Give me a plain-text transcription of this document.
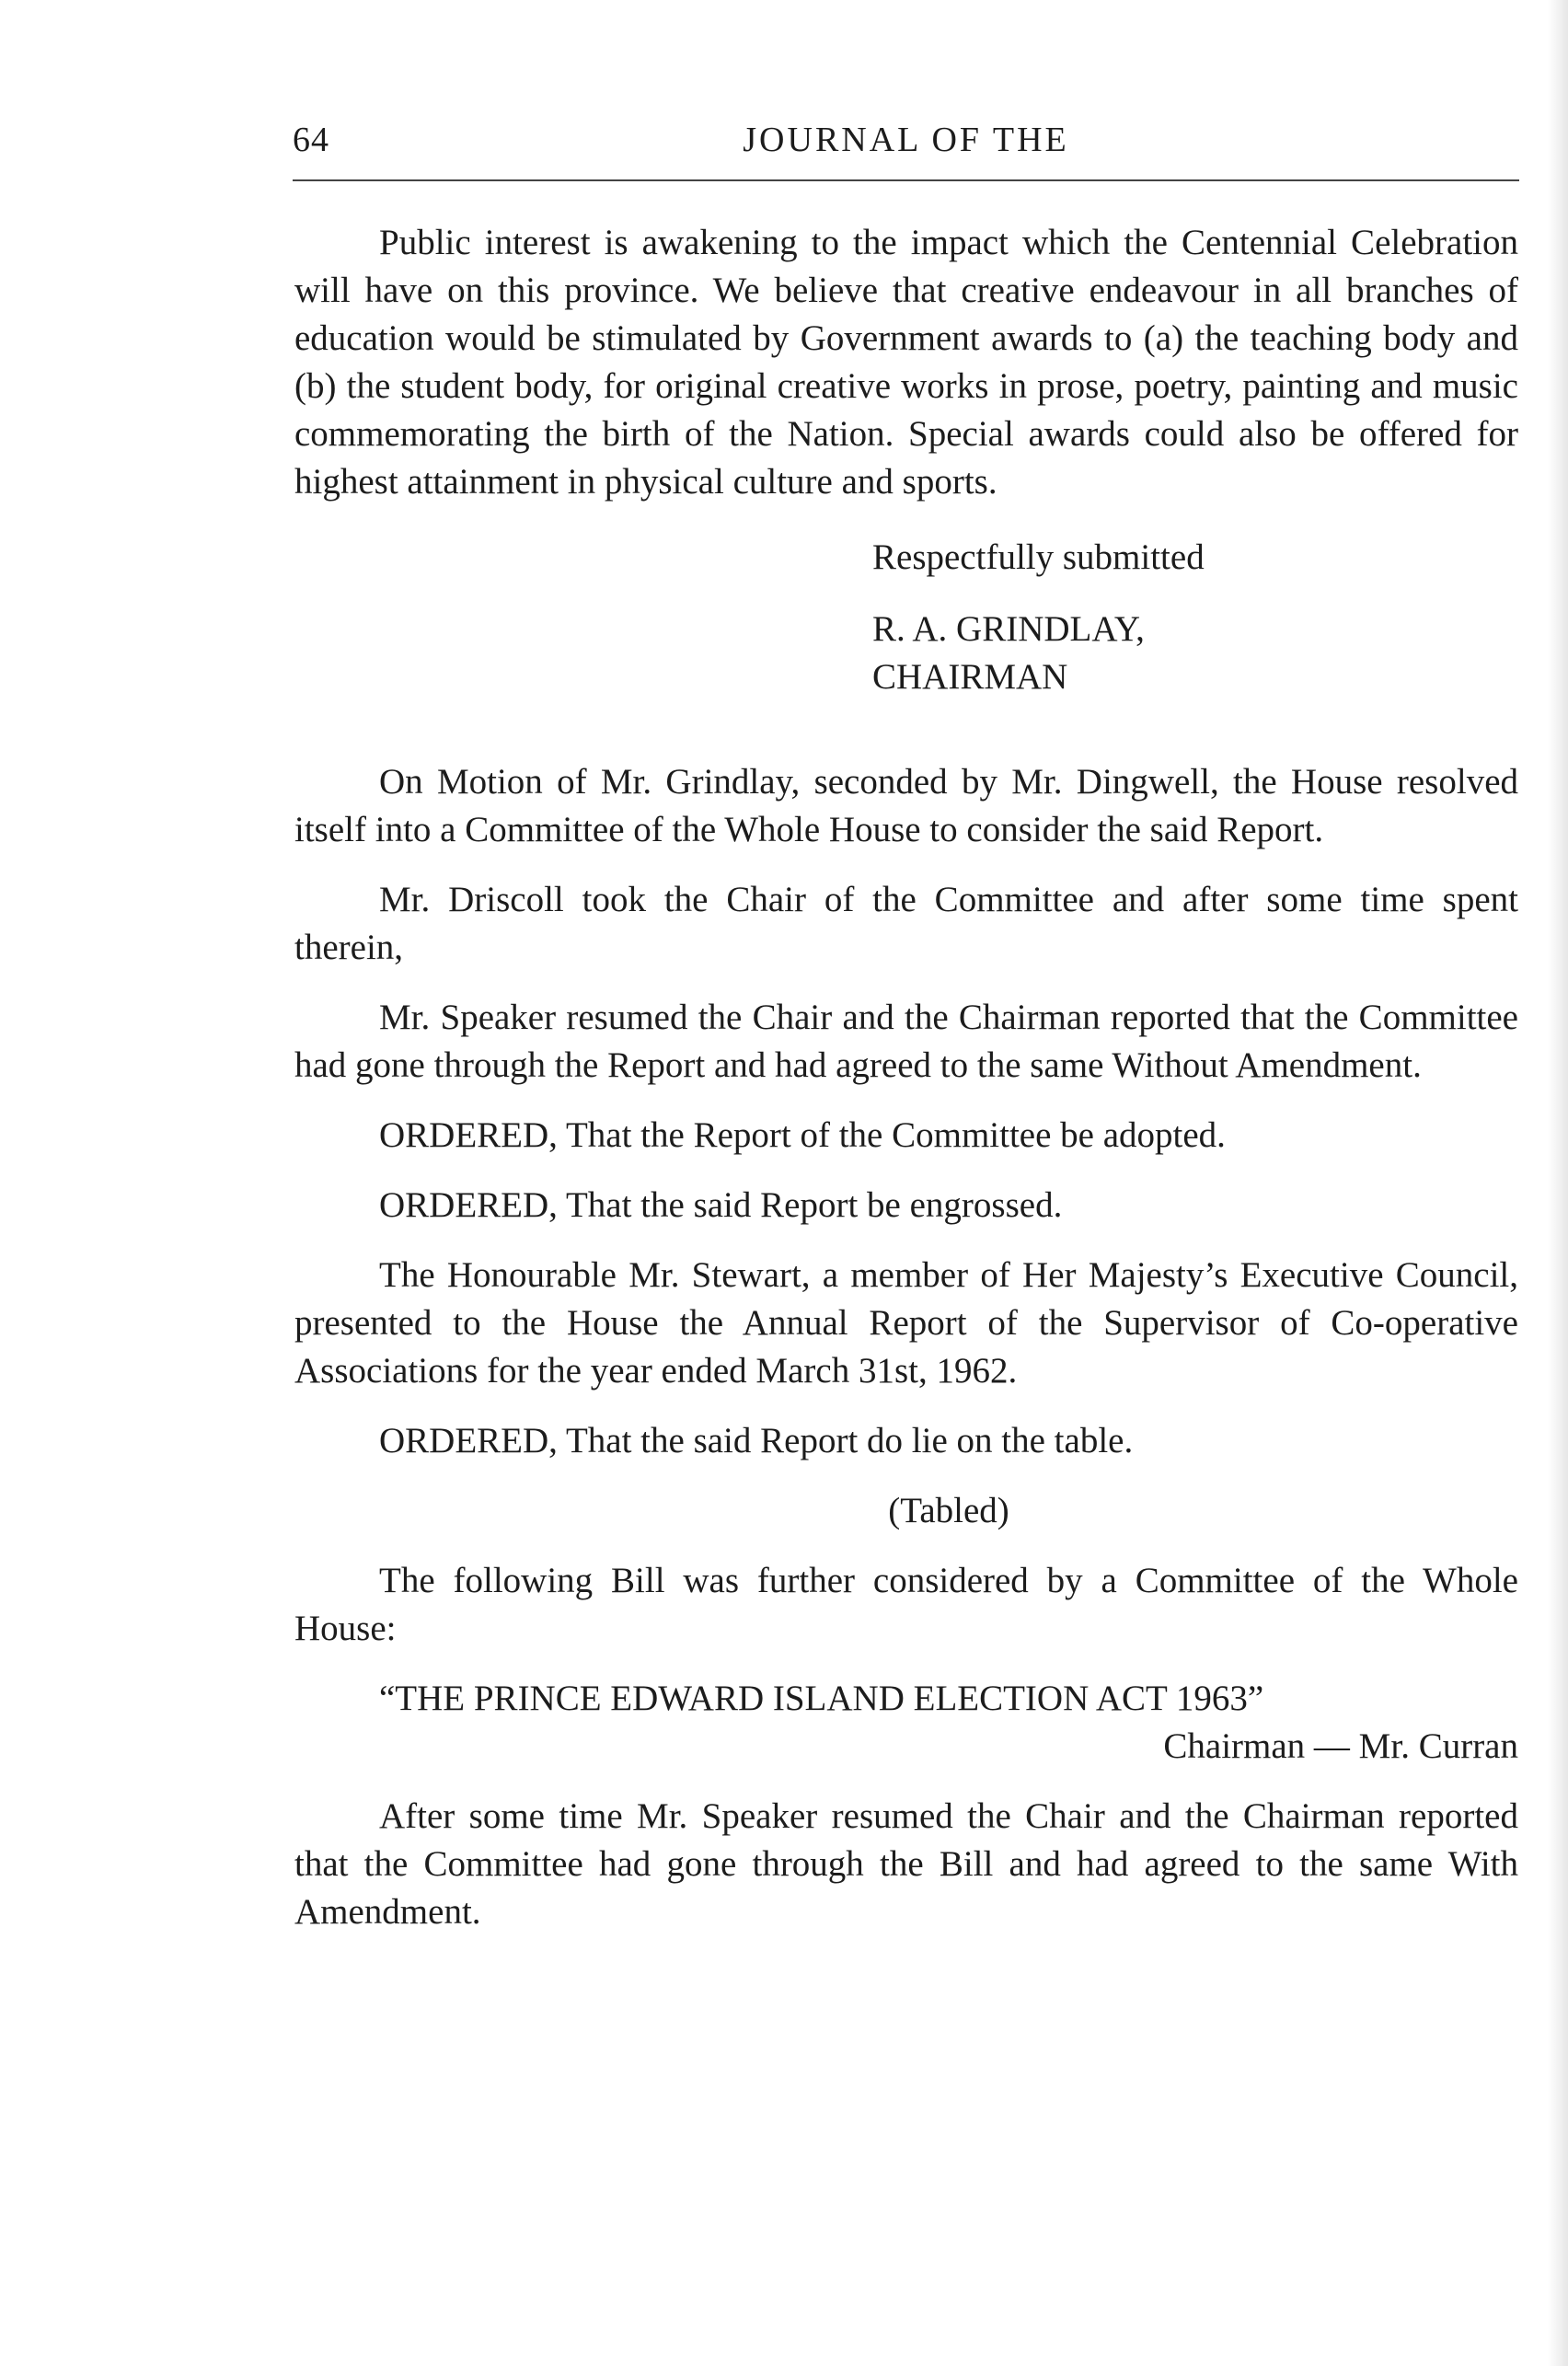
64	JOURNAL OF THE

Public interest is awakening to the impact which the Centennial Celebration will have on this province. We believe that creative endeavour in all branches of education would be stimulated by Government awards to (a) the teaching body and (b) the student body, for original creative works in prose, poetry, painting and music commemorating the birth of the Nation. Special awards could also be offered for highest attainment in physical culture and sports.

Respectfully submitted

R. A. GRINDLAY,

CHAIRMAN

On Motion of Mr. Grindlay, seconded by Mr. Dingwell, the House resolved itself into a Committee of the Whole House to consider the said Report.

Mr. Driscoll took the Chair of the Committee and after some time spent therein,

Mr. Speaker resumed the Chair and the Chairman reported that the Committee had gone through the Report and had agreed to the same Without Amendment.

ORDERED, That the Report of the Committee be adopted.

ORDERED, That the said Report be engrossed.

The Honourable Mr. Stewart, a member of Her Majesty’s Executive Council, presented to the House the Annual Report of the Supervisor of Co-operative Associations for the year ended March 31st, 1962.

ORDERED, That the said Report do lie on the table.

(Tabled)

The following Bill was further considered by a Committee of the Whole House:

“THE PRINCE EDWARD ISLAND ELECTION ACT 1963”

Chairman — Mr. Curran

After some time Mr. Speaker resumed the Chair and the Chairman reported that the Committee had gone through the Bill and had agreed to the same With Amendment.
